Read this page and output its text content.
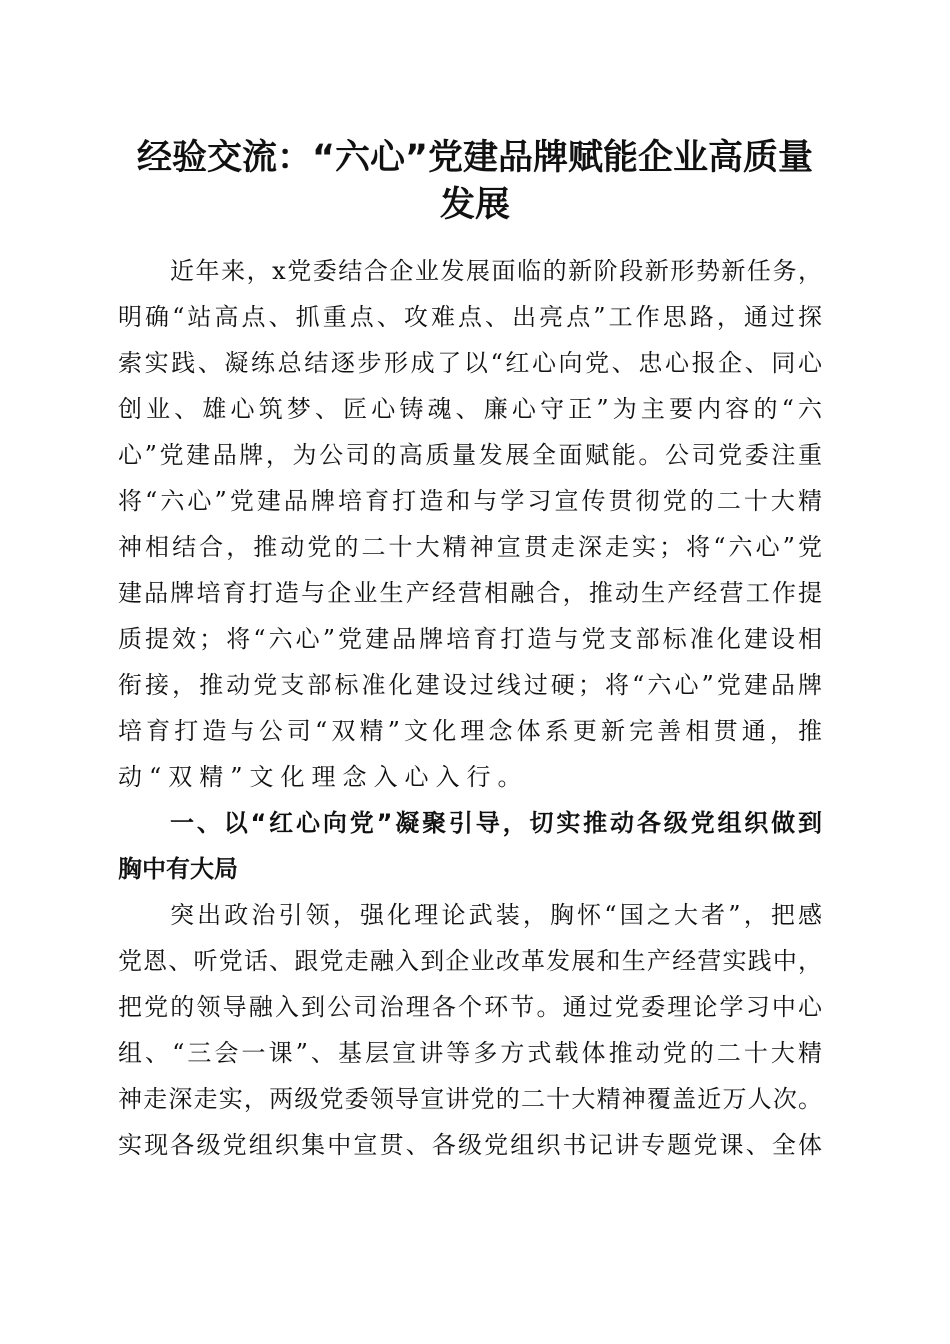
经验交流：“六心”党建品牌赋能企业高质量
发展
近年来，x党委结合企业发展面临的新阶段新形势新任务，
明确“站高点、抓重点、攻难点、出亮点”工作思路，通过探
索实践、凝练总结逐步形成了以“红心向党、忠心报企、同心
创业、雄心筑梦、匠心铸魂、廉心守正”为主要内容的“六
心”党建品牌，为公司的高质量发展全面赋能。公司党委注重
将“六心”党建品牌培育打造和与学习宣传贯彻党的二十大精
神相结合，推动党的二十大精神宣贯走深走实；将“六心”党
建品牌培育打造与企业生产经营相融合，推动生产经营工作提
质提效；将“六心”党建品牌培育打造与党支部标准化建设相
衔接，推动党支部标准化建设过线过硬；将“六心”党建品牌
培育打造与公司“双精”文化理念体系更新完善相贯通，推
动“双精”文化理念入心入行。
一、以“红心向党”凝聚引导，切实推动各级党组织做到
胸中有大局
突出政治引领，强化理论武装，胸怀“国之大者”，把感
党恩、听党话、跟党走融入到企业改革发展和生产经营实践中，
把党的领导融入到公司治理各个环节。通过党委理论学习中心
组、“三会一课”、基层宣讲等多方式载体推动党的二十大精
神走深走实，两级党委领导宣讲党的二十大精神覆盖近万人次。
实现各级党组织集中宣贯、各级党组织书记讲专题党课、全体
